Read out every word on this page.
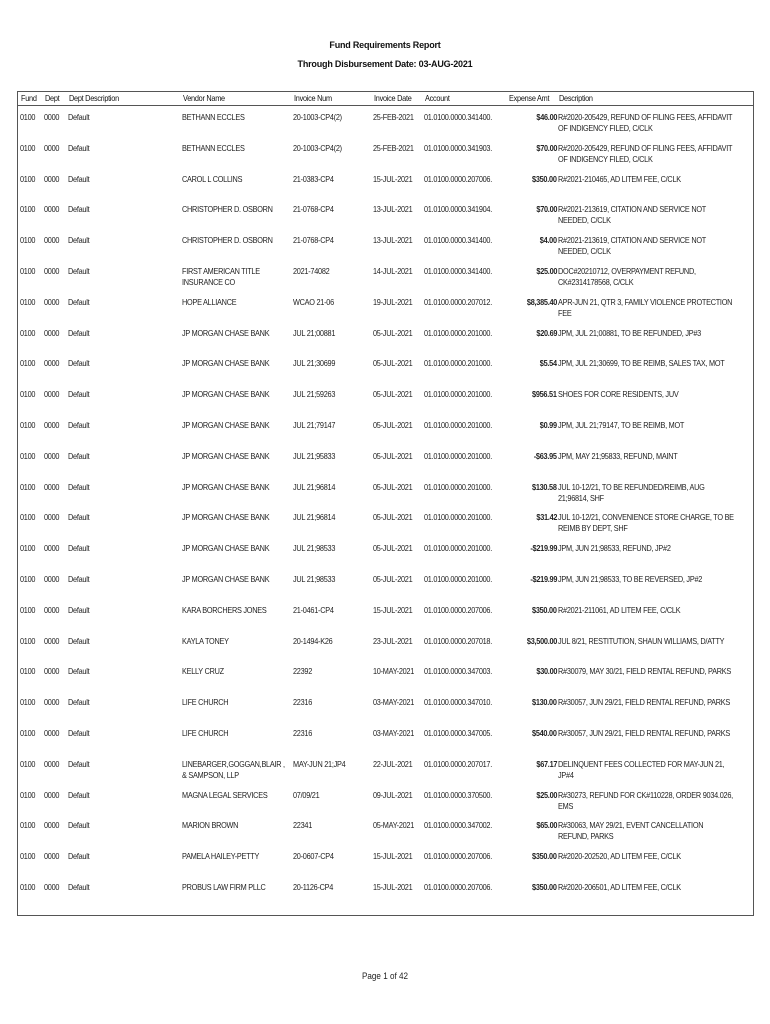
Fund Requirements Report
Through Disbursement Date: 03-AUG-2021
Fund Dept Dept Description	Vendor Name	Invoice Num	Invoice Date Account	Expense Amt Description
0100 0000 Default	BETHANN ECCLES	20-1003-CP4(2)	25-FEB-2021 01.0100.0000.341400.	$46.00 R#2020-205429, REFUND OF FILING FEES, AFFIDAVIT OF INDIGENCY FILED, C/CLK
0100 0000 Default	BETHANN ECCLES	20-1003-CP4(2)	25-FEB-2021 01.0100.0000.341903.	$70.00 R#2020-205429, REFUND OF FILING FEES, AFFIDAVIT OF INDIGENCY FILED, C/CLK
0100 0000 Default	CAROL L COLLINS	21-0383-CP4	15-JUL-2021 01.0100.0000.207006.	$350.00 R#2021-210465, AD LITEM FEE, C/CLK
0100 0000 Default	CHRISTOPHER D. OSBORN	21-0768-CP4	13-JUL-2021 01.0100.0000.341904.	$70.00 R#2021-213619, CITATION AND SERVICE NOT NEEDED, C/CLK
0100 0000 Default	CHRISTOPHER D. OSBORN	21-0768-CP4	13-JUL-2021 01.0100.0000.341400.	$4.00 R#2021-213619, CITATION AND SERVICE NOT NEEDED, C/CLK
0100 0000 Default	FIRST AMERICAN TITLE INSURANCE CO
2021-74082	14-JUL-2021 01.0100.0000.341400.	$25.00 DOC#20210712, OVERPAYMENT REFUND, CK#2314178568, C/CLK
0100 0000 Default	HOPE ALLIANCE	WCAO 21-06	19-JUL-2021 01.0100.0000.207012.	$8,385.40 APR-JUN 21, QTR 3, FAMILY VIOLENCE PROTECTION FEE
0100 0000 Default	JP MORGAN CHASE BANK	JUL 21;00881	05-JUL-2021 01.0100.0000.201000.	$20.69 JPM, JUL 21;00881, TO BE REFUNDED, JP#3
0100 0000 Default	JP MORGAN CHASE BANK	JUL 21;30699	05-JUL-2021 01.0100.0000.201000.	$5.54 JPM, JUL 21;30699, TO BE REIMB, SALES TAX, MOT
0100 0000 Default	JP MORGAN CHASE BANK	JUL 21;59263	05-JUL-2021 01.0100.0000.201000.	$956.51 SHOES FOR CORE RESIDENTS, JUV
0100 0000 Default	JP MORGAN CHASE BANK	JUL 21;79147	05-JUL-2021 01.0100.0000.201000.	$0.99 JPM, JUL 21;79147, TO BE REIMB, MOT
0100 0000 Default	JP MORGAN CHASE BANK	JUL 21;95833	05-JUL-2021 01.0100.0000.201000.	-$63.95 JPM, MAY 21;95833, REFUND, MAINT
0100 0000 Default	JP MORGAN CHASE BANK	JUL 21;96814	05-JUL-2021 01.0100.0000.201000.	$130.58 JUL 10-12/21, TO BE REFUNDED/REIMB, AUG 21;96814, SHF
0100 0000 Default	JP MORGAN CHASE BANK	JUL 21;96814	05-JUL-2021 01.0100.0000.201000.	$31.42 JUL 10-12/21, CONVENIENCE STORE CHARGE, TO BE REIMB BY DEPT, SHF
0100 0000 Default	JP MORGAN CHASE BANK	JUL 21;98533	05-JUL-2021 01.0100.0000.201000.	-$219.99 JPM, JUN 21;98533, REFUND, JP#2
0100 0000 Default	JP MORGAN CHASE BANK	JUL 21;98533	05-JUL-2021 01.0100.0000.201000.	-$219.99 JPM, JUN 21;98533, TO BE REVERSED, JP#2
0100 0000 Default	KARA BORCHERS JONES	21-0461-CP4	15-JUL-2021 01.0100.0000.207006.	$350.00 R#2021-211061, AD LITEM FEE, C/CLK
0100 0000 Default	KAYLA TONEY	20-1494-K26	23-JUL-2021 01.0100.0000.207018.	$3,500.00 JUL 8/21, RESTITUTION, SHAUN WILLIAMS, D/ATTY
0100 0000 Default	KELLY CRUZ	22392	10-MAY-2021 01.0100.0000.347003.	$30.00 R#30079, MAY 30/21, FIELD RENTAL REFUND, PARKS
0100 0000 Default	LIFE CHURCH	22316	03-MAY-2021 01.0100.0000.347010.	$130.00 R#30057, JUN 29/21, FIELD RENTAL REFUND, PARKS
0100 0000 Default	LIFE CHURCH	22316	03-MAY-2021 01.0100.0000.347005.	$540.00 R#30057, JUN 29/21, FIELD RENTAL REFUND, PARKS
0100 0000 Default	LINEBARGER,GOGGAN,BLAIR , & SAMPSON, LLP
MAY-JUN 21;JP4	22-JUL-2021 01.0100.0000.207017.	$67.17 DELINQUENT FEES COLLECTED FOR MAY-JUN 21, JP#4
0100 0000 Default	MAGNA LEGAL SERVICES	07/09/21	09-JUL-2021 01.0100.0000.370500.	$25.00 R#30273, REFUND FOR CK#110228, ORDER 9034.026, EMS
0100 0000 Default	MARION BROWN	22341	05-MAY-2021 01.0100.0000.347002.	$65.00 R#30063, MAY 29/21, EVENT CANCELLATION REFUND, PARKS
0100 0000 Default	PAMELA HAILEY-PETTY	20-0607-CP4	15-JUL-2021 01.0100.0000.207006.	$350.00 R#2020-202520, AD LITEM FEE, C/CLK
0100 0000 Default	PROBUS LAW FIRM PLLC	20-1126-CP4	15-JUL-2021 01.0100.0000.207006.	$350.00 R#2020-206501, AD LITEM FEE, C/CLK
Page 1 of 42
